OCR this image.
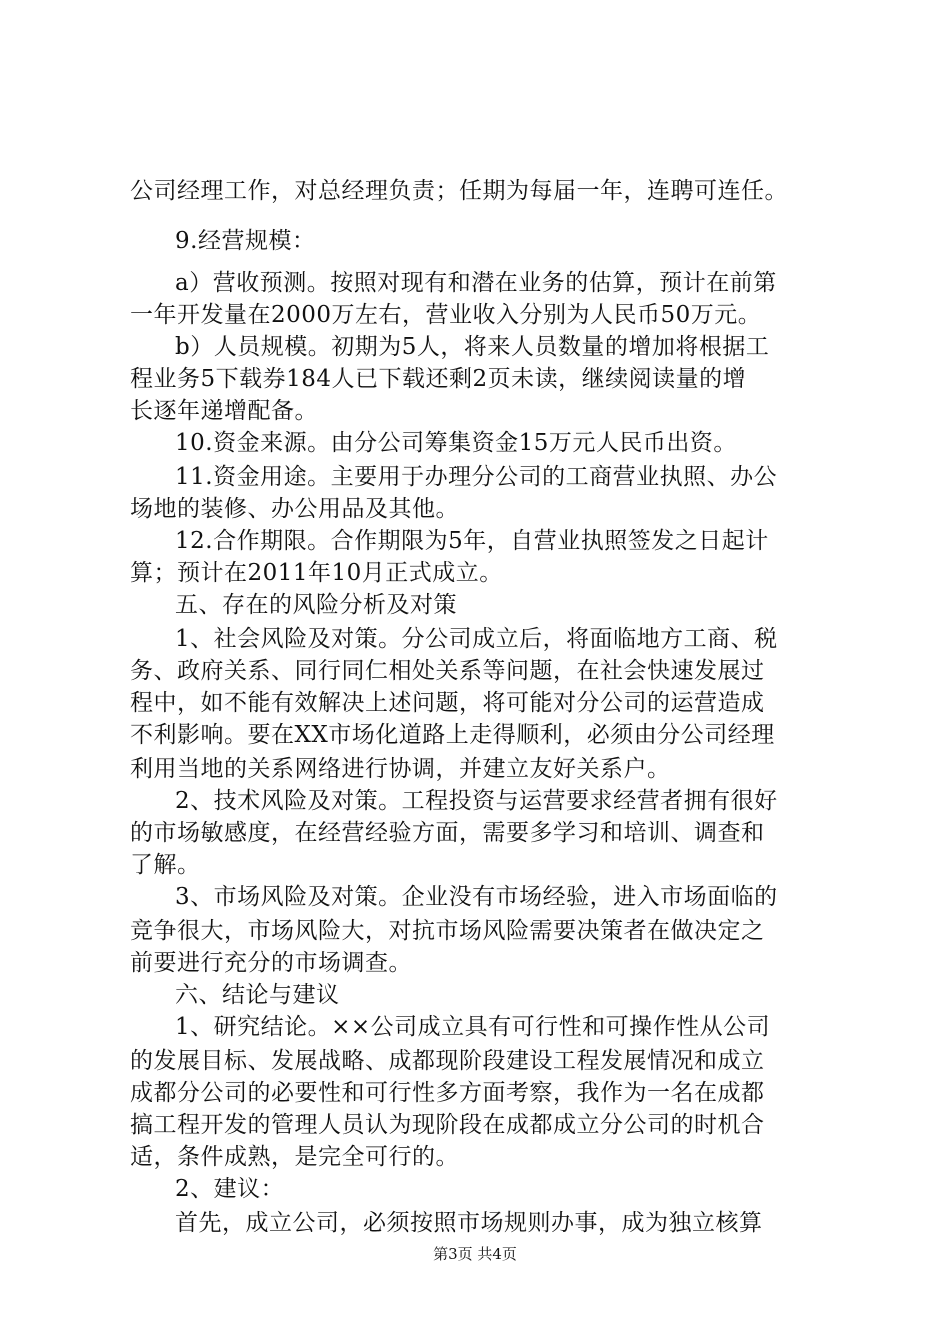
公司经理工作，对总经理负责；任期为每届一年，连聘可连任。
9.经营规模：
a）营收预测。按照对现有和潜在业务的估算，预计在前第
一年开发量在2000万左右，营业收入分别为人民币50万元。
b）人员规模。初期为5人，将来人员数量的增加将根据工
程业务5下载券184人已下载还剩2页未读，继续阅读量的增
长逐年递增配备。
10.资金来源。由分公司筹集资金15万元人民币出资。
11.资金用途。主要用于办理分公司的工商营业执照、办公
场地的装修、办公用品及其他。
12.合作期限。合作期限为5年，自营业执照签发之日起计
算；预计在2011年10月正式成立。
五、存在的风险分析及对策
1、社会风险及对策。分公司成立后，将面临地方工商、税
务、政府关系、同行同仁相处关系等问题，在社会快速发展过
程中，如不能有效解决上述问题，将可能对分公司的运营造成
不利影响。要在XX市场化道路上走得顺利，必须由分公司经理
利用当地的关系网络进行协调，并建立友好关系户。
2、技术风险及对策。工程投资与运营要求经营者拥有很好
的市场敏感度，在经营经验方面，需要多学习和培训、调查和
了解。
3、市场风险及对策。企业没有市场经验，进入市场面临的
竞争很大，市场风险大，对抗市场风险需要决策者在做决定之
前要进行充分的市场调查。
六、结论与建议
1、研究结论。××公司成立具有可行性和可操作性从公司
的发展目标、发展战略、成都现阶段建设工程发展情况和成立
成都分公司的必要性和可行性多方面考察，我作为一名在成都
搞工程开发的管理人员认为现阶段在成都成立分公司的时机合
适，条件成熟，是完全可行的。
2、建议：
首先，成立公司，必须按照市场规则办事，成为独立核算
第3页 共4页
